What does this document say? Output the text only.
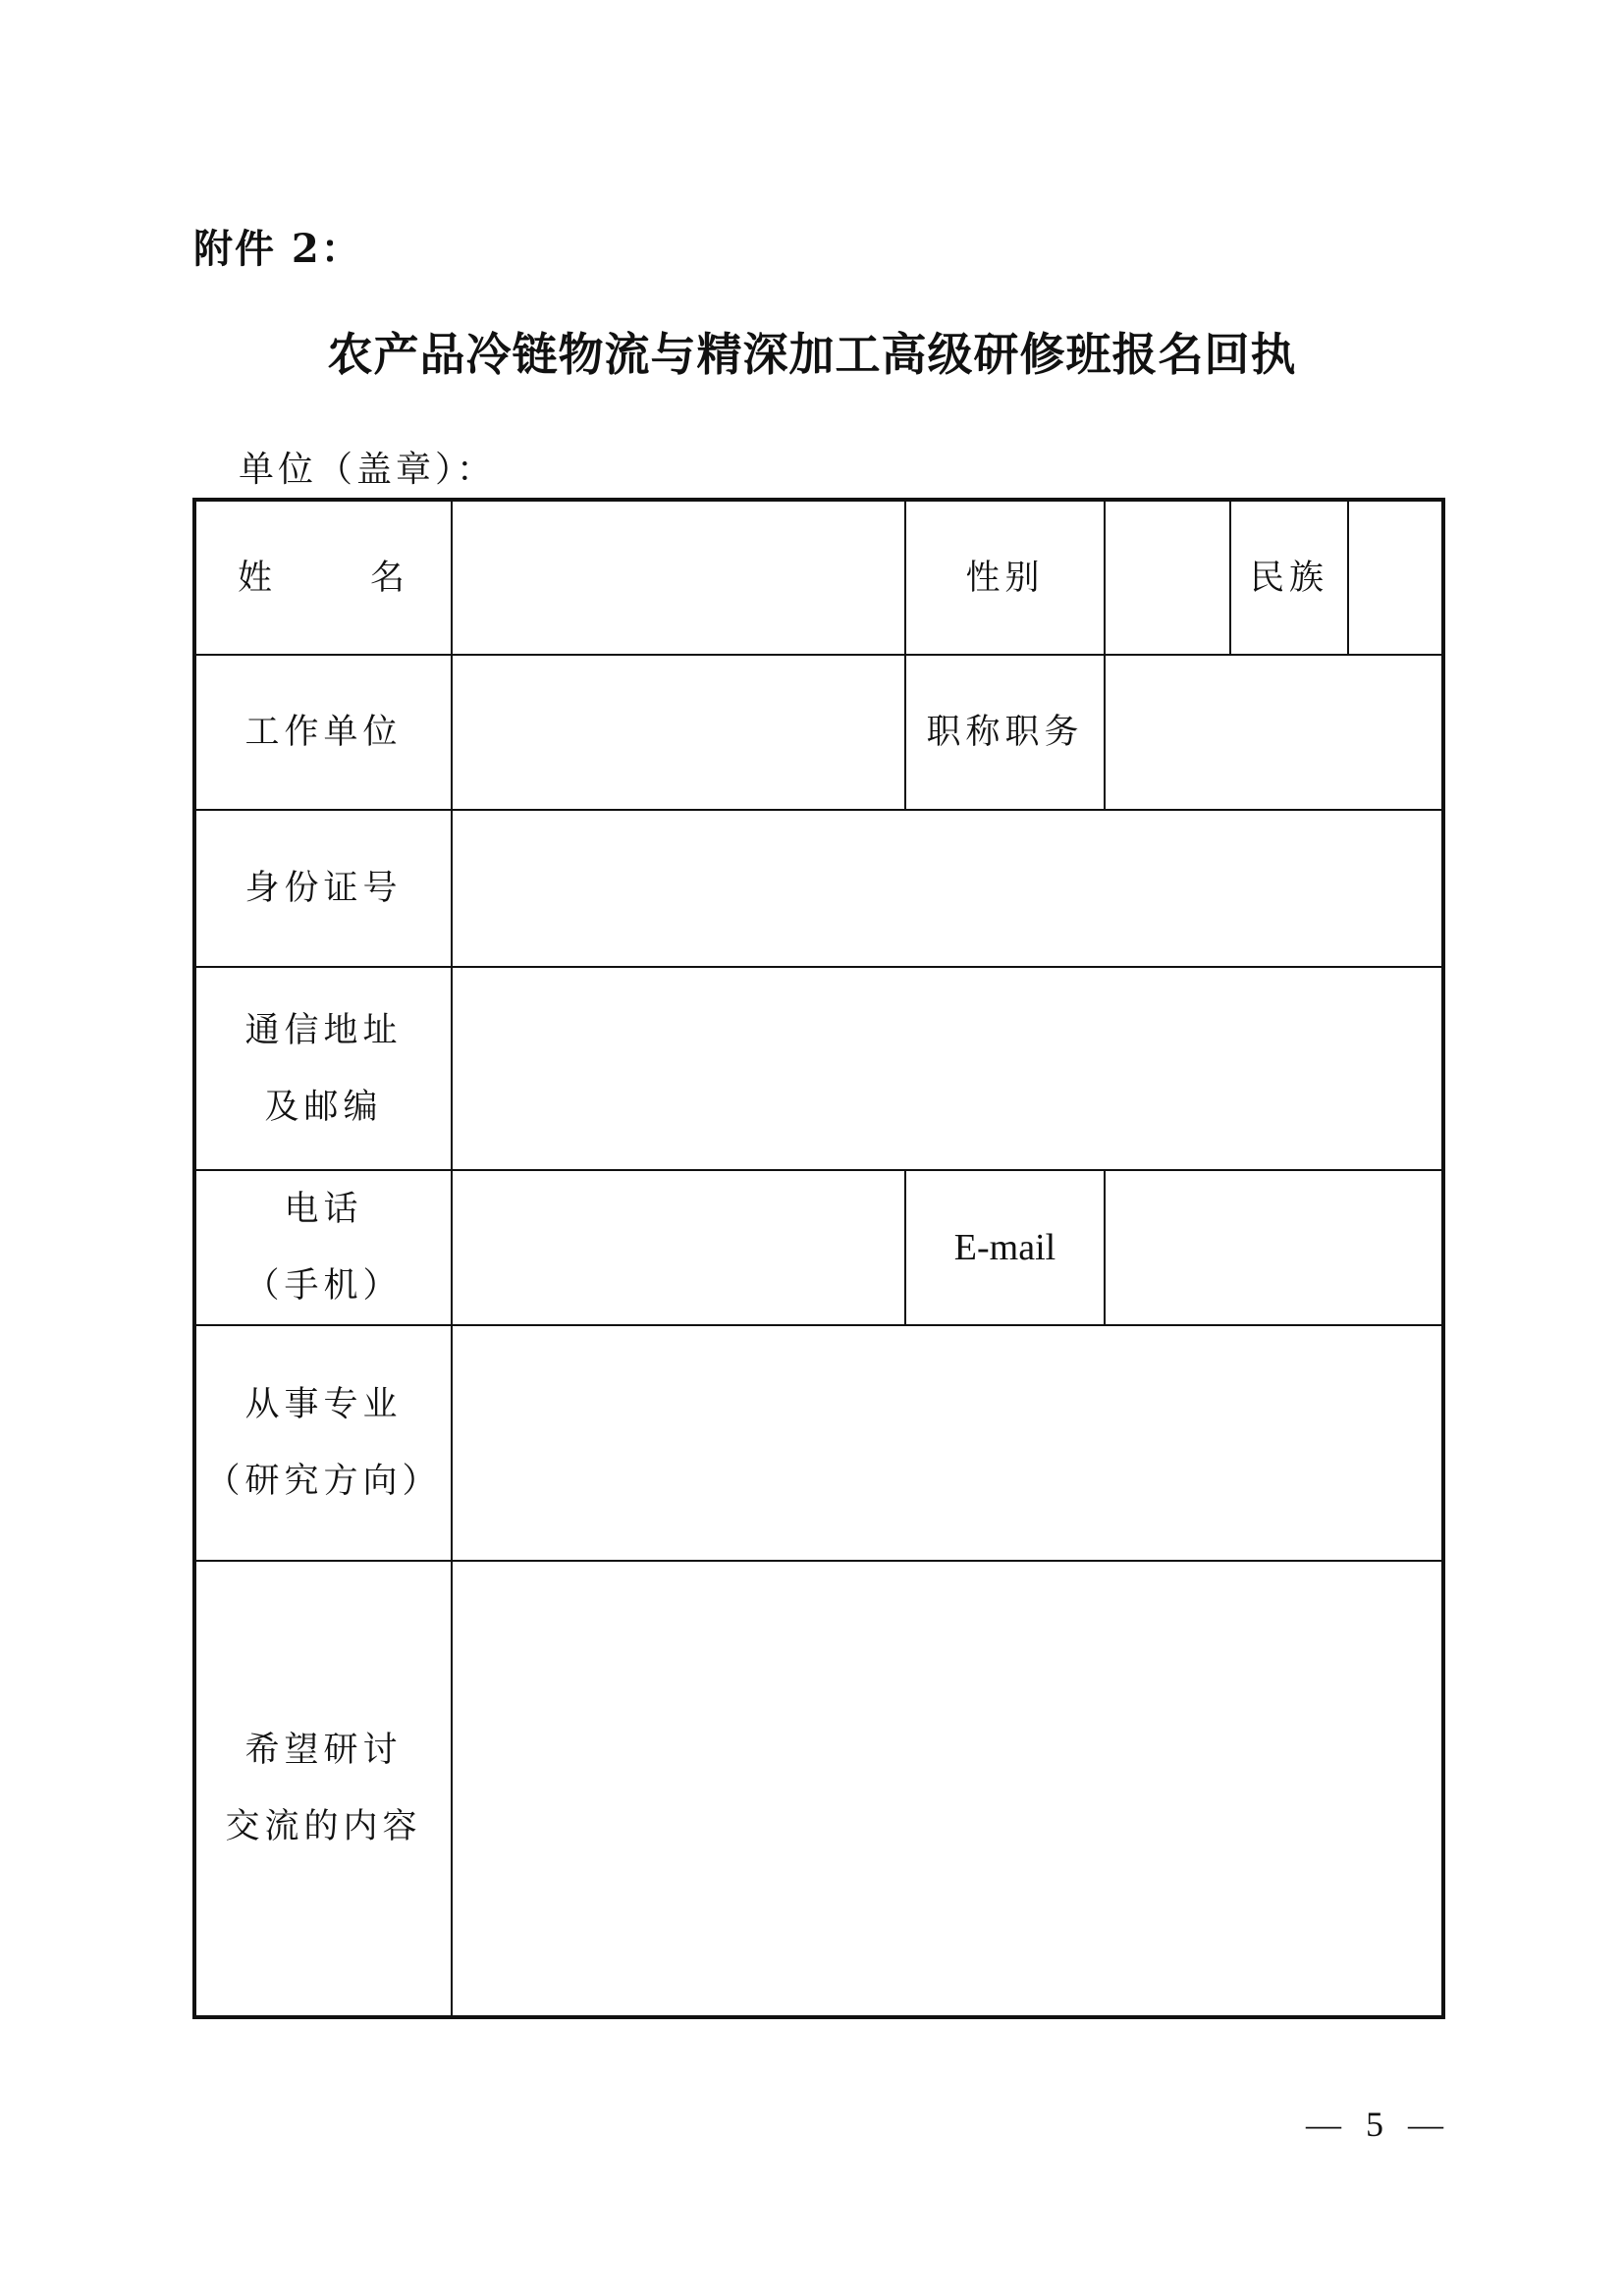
附件 2：
农产品冷链物流与精深加工高级研修班报名回执
单位（盖章）：
姓 名		性别		民族	
工作单位		职称职务			
身份证号					

通信地址
及邮编					

电话
（手机）		E-mail			

从事专业
（研究方向）					

希望研讨
交流的内容					

— 5 —
